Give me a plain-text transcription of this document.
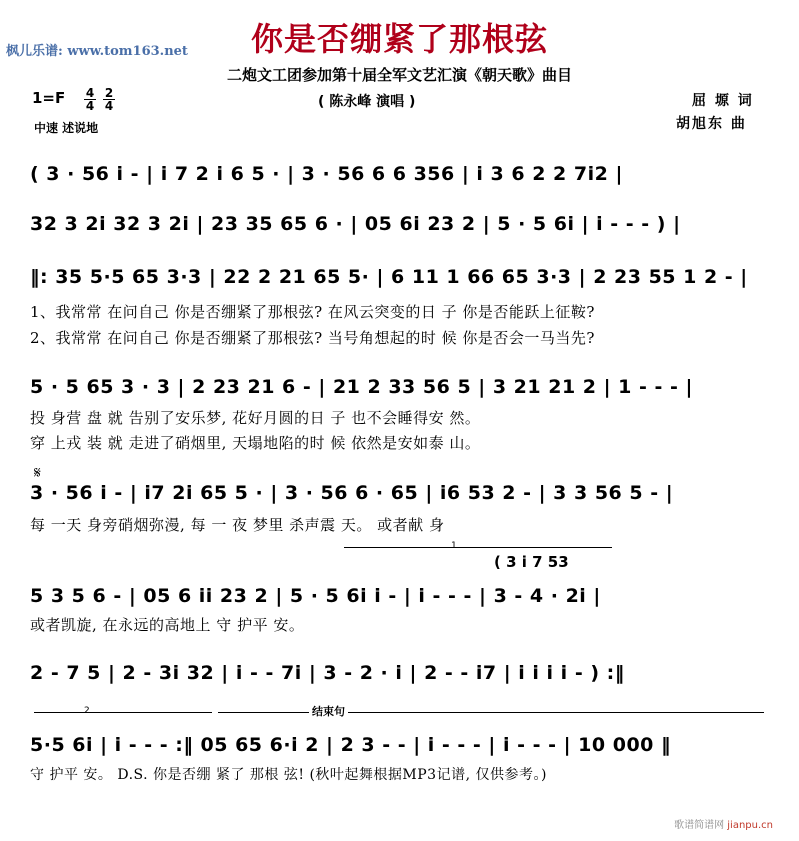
枫儿乐谱: www.tom163.net	你是否绷紧了那根弦
二炮文工团参加第十届全军文艺汇演《朝天歌》曲目
( 陈永峰 演唱 )
1=F 4
4
2
4
中速 述说地
屈 塬 词
胡旭东 曲
( 3 · 56 i - | i 7 2 i 6 5 · | 3 · 56 6 6 356 | i 3 6 2 2 7i2 |
32 3 2i 32 3 2i | 23 35 65 6 · | 05 6i 23 2 | 5 · 5 6i | i - - - ) |
‖: 35 5·5 65 3·3 | 22 2 21 65 5· | 6 11 1 66 65 3·3 | 2 23 55 1 2 - |
1、我常常 在问自己 你是否绷紧了那根弦? 在风云突变的日 子 你是否能跃上征鞍?
2、我常常 在问自己 你是否绷紧了那根弦? 当号角想起的时 候 你是否会一马当先?
5 · 5 65 3 · 3 | 2 23 21 6 - | 21 2 33 56 5 | 3 21 21 2 | 1 - - - |
投 身营 盘 就 告别了安乐梦, 花好月圆的日 子 也不会睡得安 然。
穿 上戎 装 就 走进了硝烟里, 天塌地陷的时 候 依然是安如泰 山。
𝄋
3 · 56 i - | i7 2i 65 5 · | 3 · 56 6 · 65 | i6 53 2 - | 3 3 56 5 - |
每 一天 身旁硝烟弥漫, 每 一 夜 梦里 杀声震 天。 或者献 身
1
( 3 i 7 53
5 3 5 6 - | 05 6 ii 23 2 | 5 · 5 6i i - | i - - - | 3 - 4 · 2i |
或者凯旋, 在永远的高地上 守 护平 安。
2 - 7 5 | 2 - 3i 32 | i - - 7i | 3 - 2 · i | 2 - - i7 | i i i i - ) :‖
2	结束句
5·5 6i | i - - - :‖ 05 65 6·i 2 | 2 3 - - | i - - - | i - - - | 10 000 ‖
守 护平 安。 D.S. 你是否绷 紧了 那根 弦! (秋叶起舞根据MP3记谱, 仅供参考。)
歌谱简谱网 jianpu.cn
